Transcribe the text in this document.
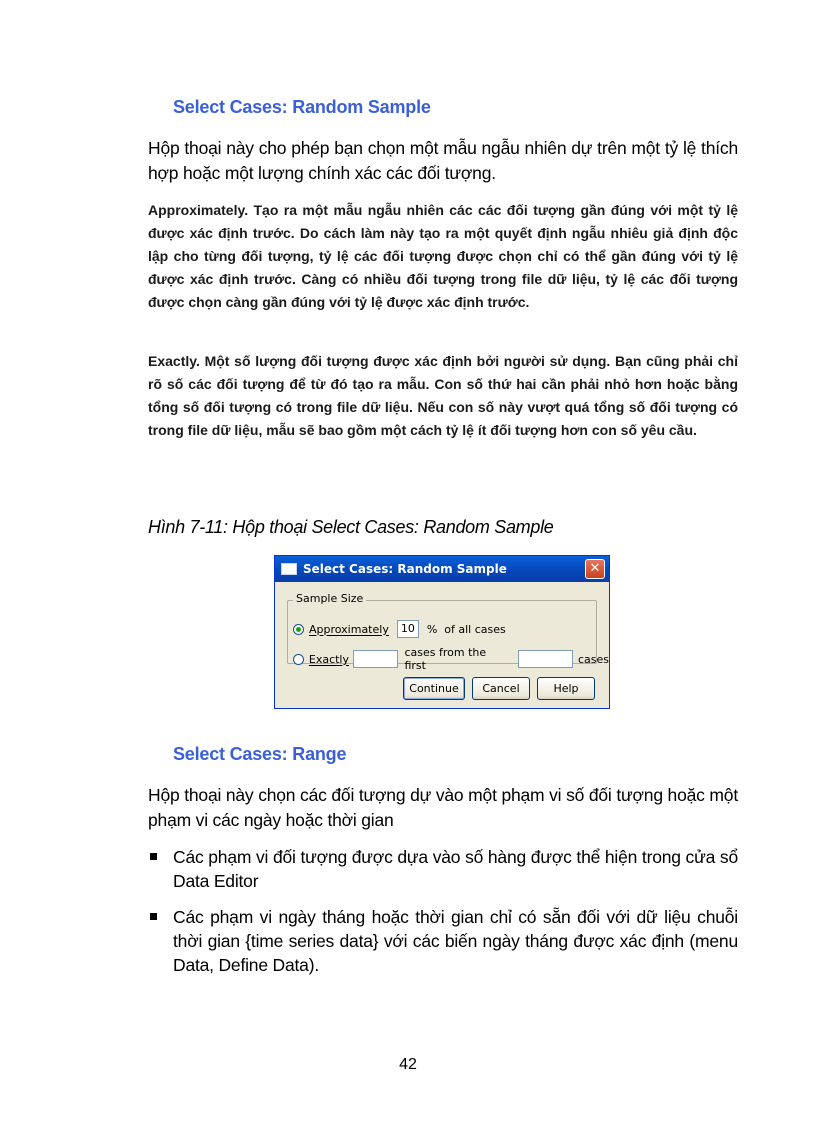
Select Cases: Random Sample

Hộp thoại này cho phép bạn chọn một mẫu ngẫu nhiên dự trên một tỷ lệ thích hợp hoặc một lượng chính xác các đối tượng.

Approximately. Tạo ra một mẫu ngẫu nhiên các các đối tượng gần đúng với một tỷ lệ được xác định trước. Do cách làm này tạo ra một quyết định ngẫu nhiêu giả định độc lập cho từng đối tượng, tỷ lệ các đối tượng được chọn chỉ có thể gần đúng với tỷ lệ được xác định trước. Càng có nhiều đối tượng trong file dữ liệu, tỷ lệ các đối tượng được chọn càng gần đúng với tỷ lệ được xác định trước.

Exactly. Một số lượng đối tượng được xác định bởi người sử dụng. Bạn cũng phải chỉ rõ số các đối tượng để từ đó tạo ra mẫu. Con số thứ hai cần phải nhỏ hơn hoặc bằng tổng số đối tượng có trong file dữ liệu. Nếu con số này vượt quá tổng số đối tượng có trong file dữ liệu, mẫu sẽ bao gồm một cách tỷ lệ ít đối tượng hơn con số yêu cầu.

Hình 7-11: Hộp thoại Select Cases: Random Sample

Select Cases: Random Sample	✕
Sample Size
Approximately	10	%  of all cases
Exactly	cases from the first	cases
Continue	Cancel	Help
Select Cases: Range

Hộp thoại này chọn các đối tượng dự vào một phạm vi số đối tượng hoặc một phạm vi các ngày hoặc thời gian

Các phạm vi đối tượng được dựa vào số hàng được thể hiện trong cửa sổ Data Editor
Các phạm vi ngày tháng hoặc thời gian chỉ có sẵn đối với dữ liệu chuỗi thời gian {time series data} với các biến ngày tháng được xác định (menu Data, Define Data).

42
